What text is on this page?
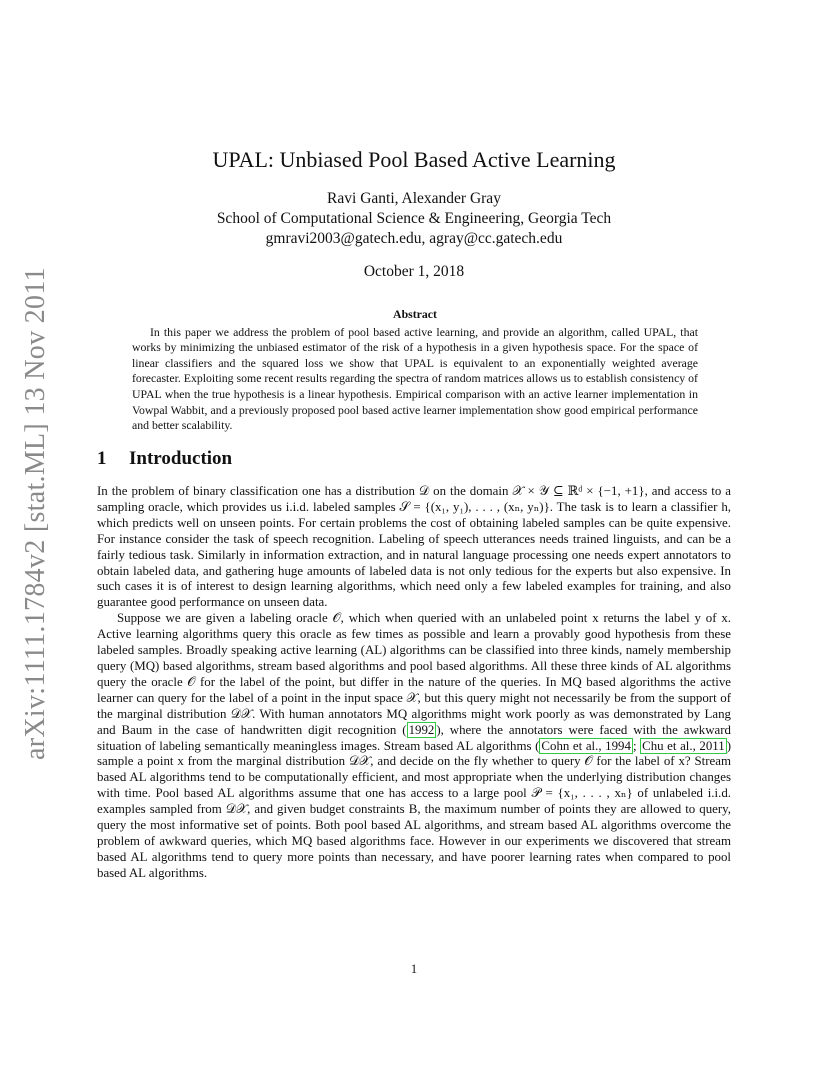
arXiv:1111.1784v2 [stat.ML] 13 Nov 2011
UPAL: Unbiased Pool Based Active Learning
Ravi Ganti, Alexander Gray
School of Computational Science & Engineering, Georgia Tech
gmravi2003@gatech.edu, agray@cc.gatech.edu
October 1, 2018
Abstract
In this paper we address the problem of pool based active learning, and provide an algorithm, called UPAL, that works by minimizing the unbiased estimator of the risk of a hypothesis in a given hypothesis space. For the space of linear classifiers and the squared loss we show that UPAL is equivalent to an exponentially weighted average forecaster. Exploiting some recent results regarding the spectra of random matrices allows us to establish consistency of UPAL when the true hypothesis is a linear hypothesis. Empirical comparison with an active learner implementation in Vowpal Wabbit, and a previously proposed pool based active learner implementation show good empirical performance and better scalability.
1 Introduction

In the problem of binary classification one has a distribution 𝒟 on the domain 𝒳 × 𝒴 ⊆ ℝᵈ × {−1, +1}, and access to a sampling oracle, which provides us i.i.d. labeled samples 𝒮 = {(x₁, y₁), . . . , (xₙ, yₙ)}. The task is to learn a classifier h, which predicts well on unseen points. For certain problems the cost of obtaining labeled samples can be quite expensive. For instance consider the task of speech recognition. Labeling of speech utterances needs trained linguists, and can be a fairly tedious task. Similarly in information extraction, and in natural language processing one needs expert annotators to obtain labeled data, and gathering huge amounts of labeled data is not only tedious for the experts but also expensive. In such cases it is of interest to design learning algorithms, which need only a few labeled examples for training, and also guarantee good performance on unseen data.

Suppose we are given a labeling oracle 𝒪, which when queried with an unlabeled point x returns the label y of x. Active learning algorithms query this oracle as few times as possible and learn a provably good hypothesis from these labeled samples. Broadly speaking active learning (AL) algorithms can be classified into three kinds, namely membership query (MQ) based algorithms, stream based algorithms and pool based algorithms. All these three kinds of AL algorithms query the oracle 𝒪 for the label of the point, but differ in the nature of the queries. In MQ based algorithms the active learner can query for the label of a point in the input space 𝒳, but this query might not necessarily be from the support of the marginal distribution 𝒟𝒳. With human annotators MQ algorithms might work poorly as was demonstrated by Lang and Baum in the case of handwritten digit recognition ( 1992 ), where the annotators were faced with the awkward situation of labeling semantically meaningless images. Stream based AL algorithms ( Cohn et al., 1994 ; Chu et al., 2011 ) sample a point x from the marginal distribution 𝒟𝒳, and decide on the fly whether to query 𝒪 for the label of x? Stream based AL algorithms tend to be computationally efficient, and most appropriate when the underlying distribution changes with time. Pool based AL algorithms assume that one has access to a large pool 𝒫 = {x₁, . . . , xₙ} of unlabeled i.i.d. examples sampled from 𝒟𝒳, and given budget constraints B, the maximum number of points they are allowed to query, query the most informative set of points. Both pool based AL algorithms, and stream based AL algorithms overcome the problem of awkward queries, which MQ based algorithms face. However in our experiments we discovered that stream based AL algorithms tend to query more points than necessary, and have poorer learning rates when compared to pool based AL algorithms.

1
